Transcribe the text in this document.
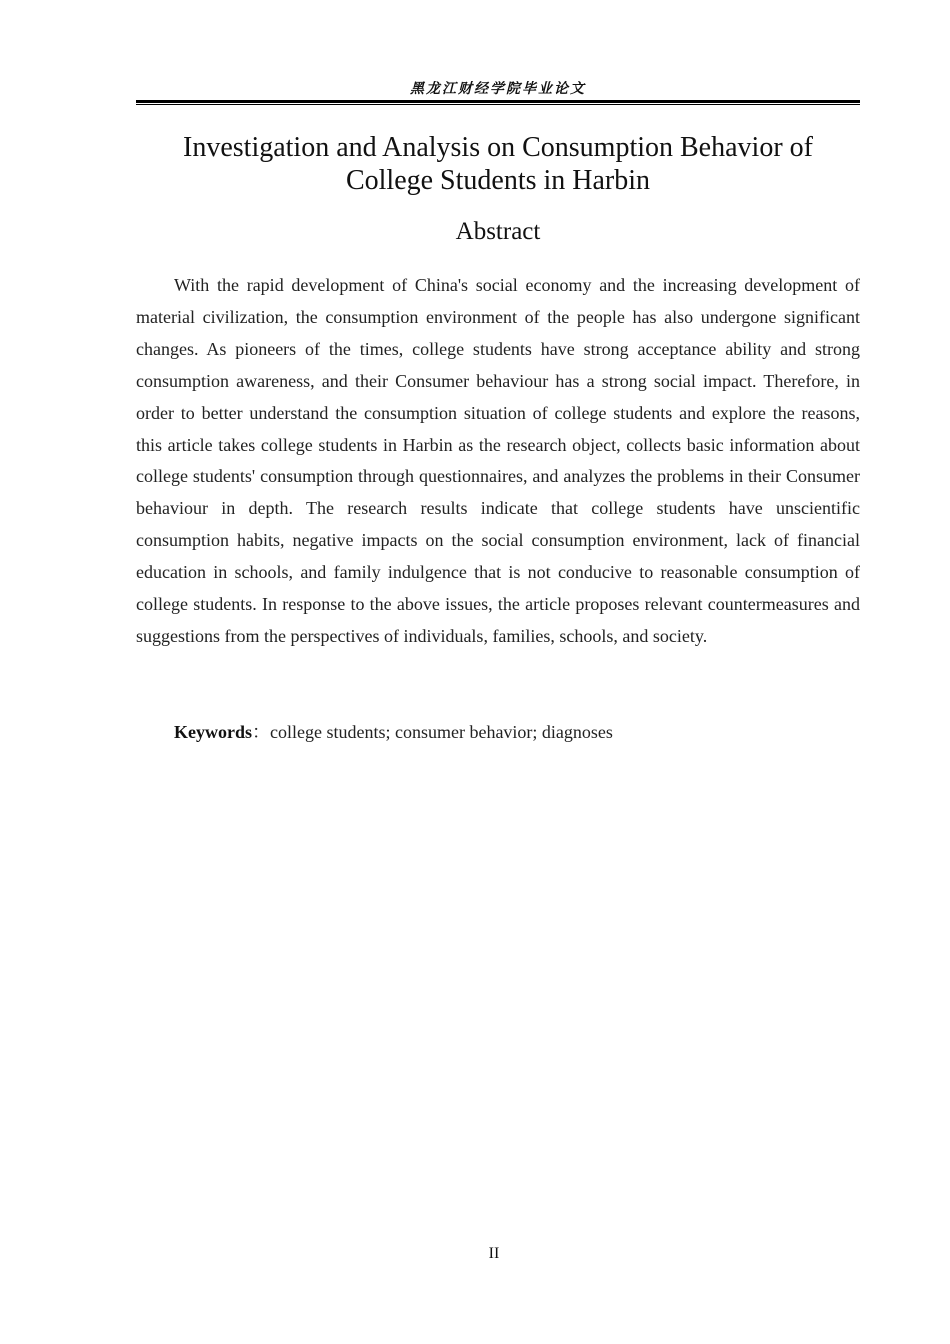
黑龙江财经学院毕业论文
Investigation and Analysis on Consumption Behavior of College Students in Harbin
Abstract

With the rapid development of China's social economy and the increasing development of material civilization, the consumption environment of the people has also undergone significant changes. As pioneers of the times, college students have strong acceptance ability and strong consumption awareness, and their Consumer behaviour has a strong social impact. Therefore, in order to better understand the consumption situation of college students and explore the reasons, this article takes college students in Harbin as the research object, collects basic information about college students' consumption through questionnaires, and analyzes the problems in their Consumer behaviour in depth. The research results indicate that college students have unscientific consumption habits, negative impacts on the social consumption environment, lack of financial education in schools, and family indulgence that is not conducive to reasonable consumption of college students. In response to the above issues, the article proposes relevant countermeasures and suggestions from the perspectives of individuals, families, schools, and society.

Keywords：college students; consumer behavior; diagnoses

II
